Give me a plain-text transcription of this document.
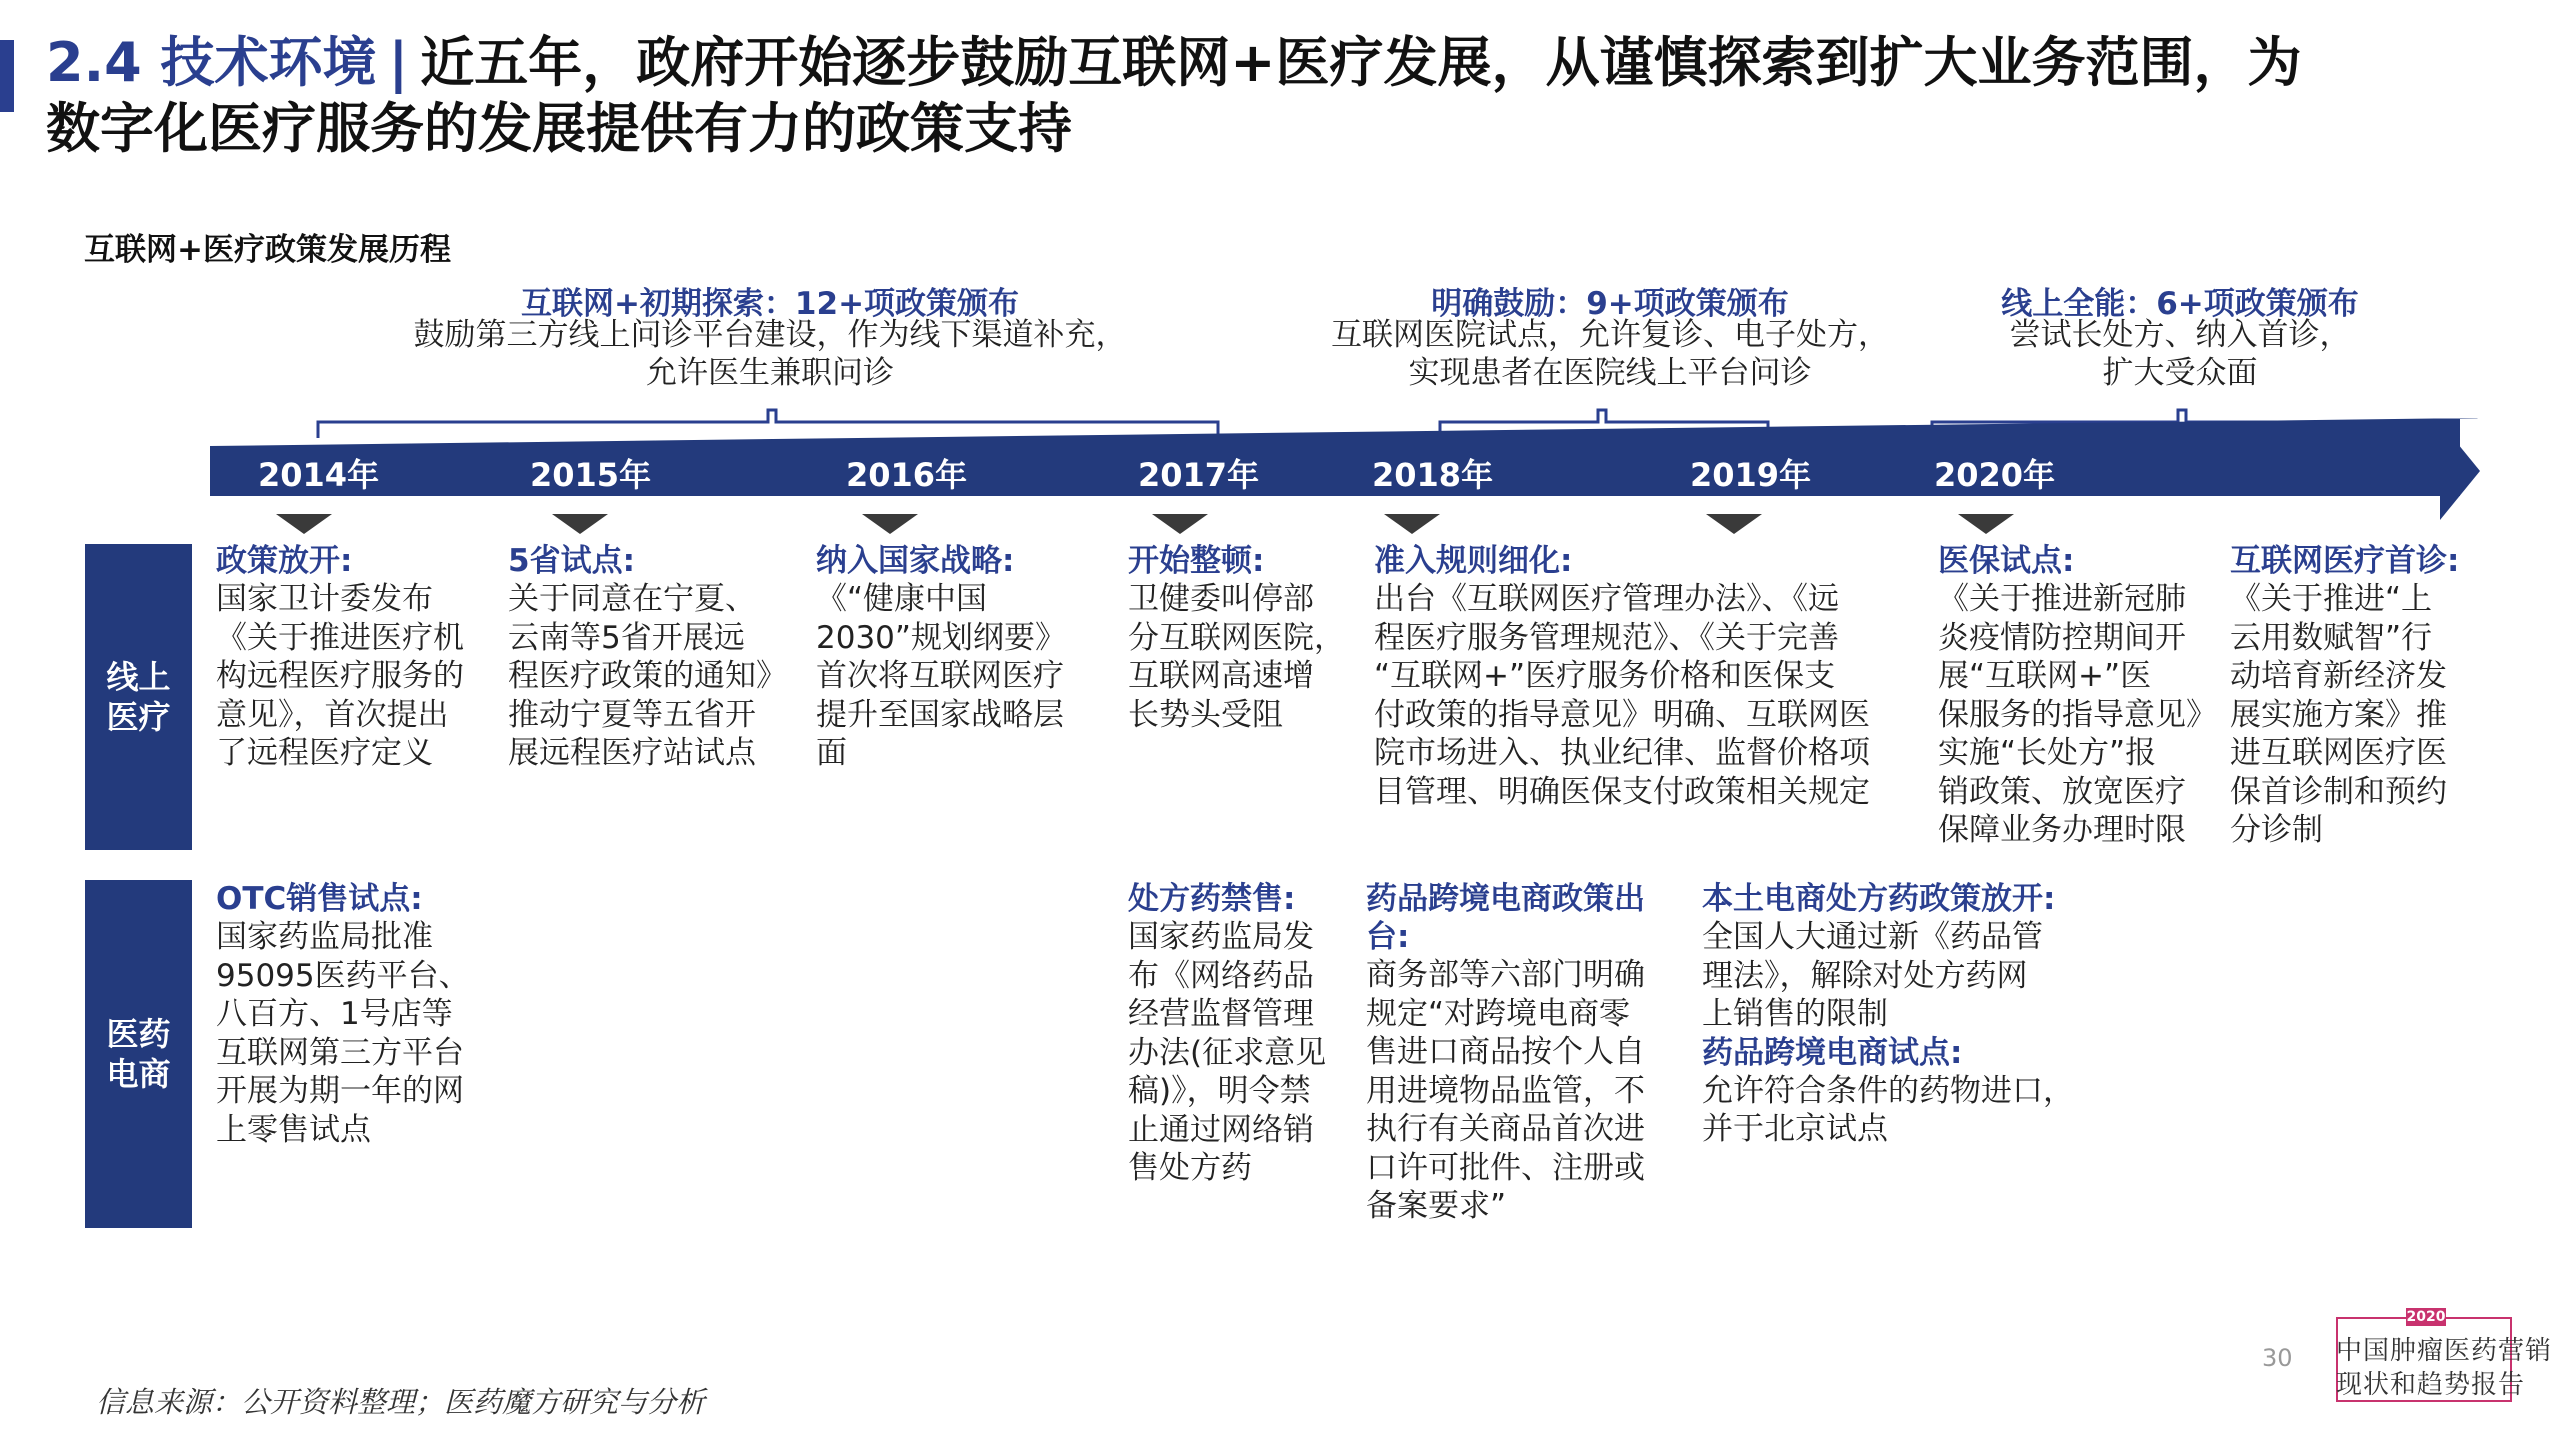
2.4 技术环境 | 近五年，政府开始逐步鼓励互联网+医疗发展，从谨慎探索到扩大业务范围，为
数字化医疗服务的发展提供有力的政策支持
互联网+医疗政策发展历程
互联网+初期探索：12+项政策颁布
鼓励第三方线上问诊平台建设，作为线下渠道补充，
允许医生兼职问诊
明确鼓励：9+项政策颁布
互联网医院试点，允许复诊、电子处方，
实现患者在医院线上平台问诊
线上全能：6+项政策颁布
尝试长处方、纳入首诊，
扩大受众面
2014年	2015年	2016年	2017年	2018年	2019年	2020年
线上医疗
医药电商
政策放开:
国家卫计委发布
《关于推进医疗机
构远程医疗服务的
意见》，首次提出
了远程医疗定义
5省试点:
关于同意在宁夏、
云南等5省开展远
程医疗政策的通知》
推动宁夏等五省开
展远程医疗站试点
纳入国家战略:
《“健康中国
2030”规划纲要》
首次将互联网医疗
提升至国家战略层
面
开始整顿:
卫健委叫停部
分互联网医院，
互联网高速增
长势头受阻
准入规则细化:
出台《互联网医疗管理办法》、《远
程医疗服务管理规范》、《关于完善
“互联网+”医疗服务价格和医保支
付政策的指导意见》明确、互联网医
院市场进入、执业纪律、监督价格项
目管理、明确医保支付政策相关规定
医保试点:
《关于推进新冠肺
炎疫情防控期间开
展“互联网+”医
保服务的指导意见》
实施“长处方”报
销政策、放宽医疗
保障业务办理时限
互联网医疗首诊:
《关于推进“上
云用数赋智”行
动培育新经济发
展实施方案》推
进互联网医疗医
保首诊制和预约
分诊制
OTC销售试点:
国家药监局批准
95095医药平台、
八百方、1号店等
互联网第三方平台
开展为期一年的网
上零售试点
处方药禁售:
国家药监局发
布《网络药品
经营监督管理
办法(征求意见
稿)》，明令禁
止通过网络销
售处方药
药品跨境电商政策出
台:
商务部等六部门明确
规定“对跨境电商零
售进口商品按个人自
用进境物品监管，不
执行有关商品首次进
口许可批件、注册或
备案要求”
本土电商处方药政策放开:
全国人大通过新《药品管
理法》，解除对处方药网
上销售的限制
药品跨境电商试点:
允许符合条件的药物进口，
并于北京试点
信息来源：公开资料整理；医药魔方研究与分析
30
2020
中国肿瘤医药营销
现状和趋势报告
